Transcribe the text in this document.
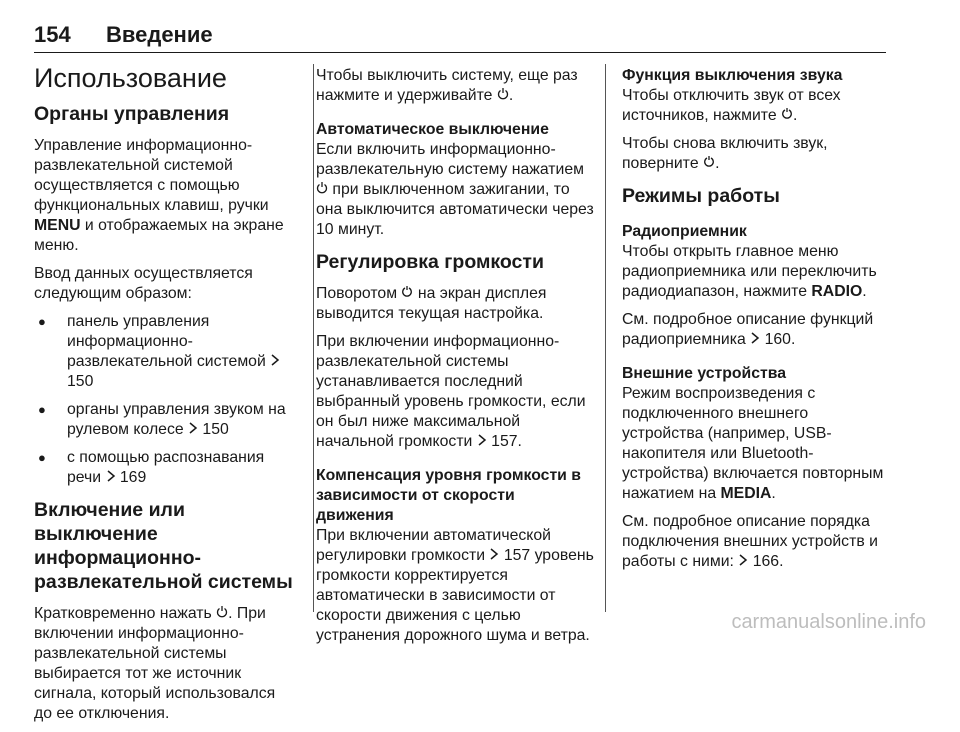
154 Введение
Использование
Органы управления

Управление информационно-развлекательной системой осуществляется с помощью функциональных клавиш, ручки MENU и отображаемых на экране меню.

Ввод данных осуществляется следующим образом:

● панель управления информационно-развлекательной системой  150
● органы управления звуком на рулевом колесе  150
● с помощью распознавания речи  169
Включение или выключение информационно-развлекательной системы

Кратковременно нажать . При включении информационно-развлекательной системы выбирается тот же источник сигнала, который использовался до ее отключения.

Чтобы выключить систему, еще раз нажмите и удерживайте .

Автоматическое выключение

Если включить информационно-развлекательную систему нажатием  при выключенном зажигании, то она выключится автоматически через 10 минут.

Регулировка громкости

Поворотом  на экран дисплея выводится текущая настройка.

При включении информационно-развлекательной системы устанавливается последний выбранный уровень громкости, если он был ниже максимальной начальной громкости  157.

Компенсация уровня громкости в зависимости от скорости движения

При включении автоматической регулировки громкости  157 уровень громкости корректируется автоматически в зависимости от скорости движения с целью устранения дорожного шума и ветра.

Функция выключения звука

Чтобы отключить звук от всех источников, нажмите .

Чтобы снова включить звук, повернитe .

Режимы работы
Радиоприемник

Чтобы открыть главное меню радиоприемника или переключить радиодиапазон, нажмите RADIO.

См. подробное описание функций радиоприемника  160.

Внешние устройства

Режим воспроизведения с подключенного внешнего устройства (например, USB-накопителя или Bluetooth-устройства) включается повторным нажатием на MEDIA.

См. подробное описание порядка подключения внешних устройств и работы с ними:  166.

carmanualsonline.info
